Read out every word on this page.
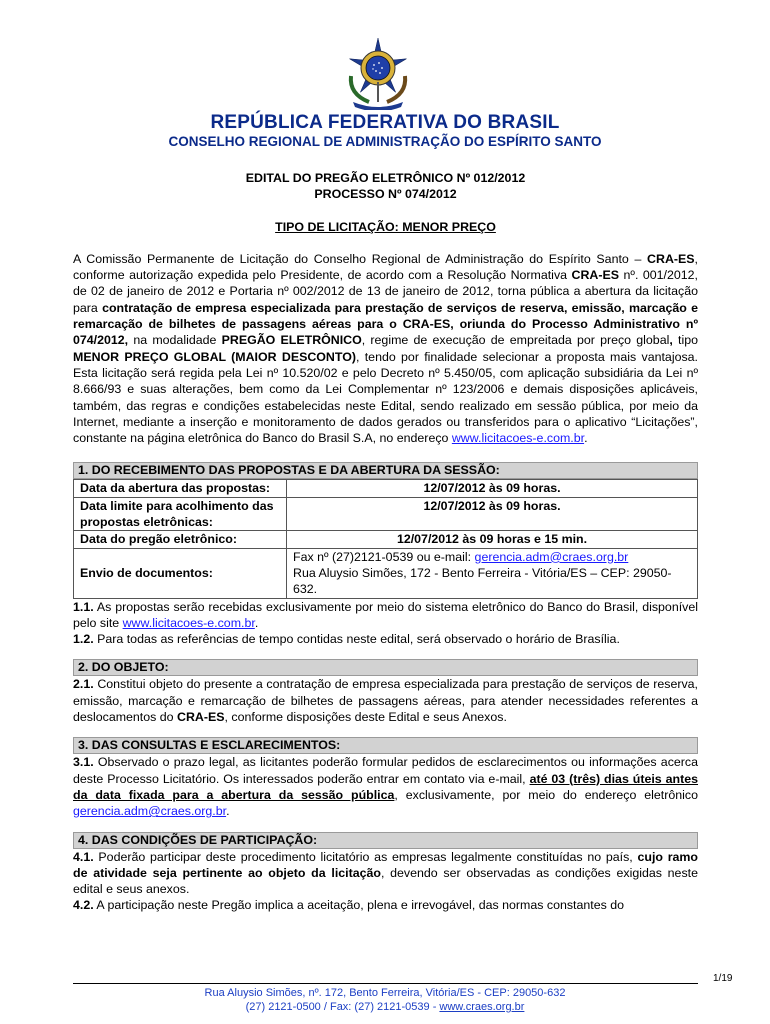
REPÚBLICA FEDERATIVA DO BRASIL
CONSELHO REGIONAL DE ADMINISTRAÇÃO DO ESPÍRITO SANTO
EDITAL DO PREGÃO ELETRÔNICO Nº 012/2012
PROCESSO Nº 074/2012
TIPO DE LICITAÇÃO: MENOR PREÇO

A Comissão Permanente de Licitação do Conselho Regional de Administração do Espírito Santo – CRA-ES, conforme autorização expedida pelo Presidente, de acordo com a Resolução Normativa CRA-ES nº. 001/2012, de 02 de janeiro de 2012 e Portaria nº 002/2012 de 13 de janeiro de 2012, torna pública a abertura da licitação para contratação de empresa especializada para prestação de serviços de reserva, emissão, marcação e remarcação de bilhetes de passagens aéreas para o CRA-ES, oriunda do Processo Administrativo nº 074/2012, na modalidade PREGÃO ELETRÔNICO, regime de execução de empreitada por preço global, tipo MENOR PREÇO GLOBAL (MAIOR DESCONTO), tendo por finalidade selecionar a proposta mais vantajosa. Esta licitação será regida pela Lei nº 10.520/02 e pelo Decreto nº 5.450/05, com aplicação subsidiária da Lei nº 8.666/93 e suas alterações, bem como da Lei Complementar nº 123/2006 e demais disposições aplicáveis, também, das regras e condições estabelecidas neste Edital, sendo realizado em sessão pública, por meio da Internet, mediante a inserção e monitoramento de dados gerados ou transferidos para o aplicativo “Licitações”, constante na página eletrônica do Banco do Brasil S.A, no endereço www.licitacoes-e.com.br.

1. DO RECEBIMENTO DAS PROPOSTAS E DA ABERTURA DA SESSÃO:
Data da abertura das propostas:	12/07/2012 às 09 horas.
Data limite para acolhimento das propostas eletrônicas:	12/07/2012 às 09 horas.
Data do pregão eletrônico:	12/07/2012 às 09 horas e 15 min.
Envio de documentos:	Fax nº (27)2121-0539 ou e-mail: gerencia.adm@craes.org.br
Rua Aluysio Simões, 172 - Bento Ferreira - Vitória/ES – CEP: 29050-632.

1.1. As propostas serão recebidas exclusivamente por meio do sistema eletrônico do Banco do Brasil, disponível pelo site www.licitacoes-e.com.br.

1.2. Para todas as referências de tempo contidas neste edital, será observado o horário de Brasília.

2. DO OBJETO:

2.1. Constitui objeto do presente a contratação de empresa especializada para prestação de serviços de reserva, emissão, marcação e remarcação de bilhetes de passagens aéreas, para atender necessidades referentes a deslocamentos do CRA-ES, conforme disposições deste Edital e seus Anexos.

3. DAS CONSULTAS E ESCLARECIMENTOS:

3.1. Observado o prazo legal, as licitantes poderão formular pedidos de esclarecimentos ou informações acerca deste Processo Licitatório. Os interessados poderão entrar em contato via e-mail, até 03 (três) dias úteis antes da data fixada para a abertura da sessão pública, exclusivamente, por meio do endereço eletrônico gerencia.adm@craes.org.br.

4. DAS CONDIÇÕES DE PARTICIPAÇÃO:

4.1. Poderão participar deste procedimento licitatório as empresas legalmente constituídas no país, cujo ramo de atividade seja pertinente ao objeto da licitação, devendo ser observadas as condições exigidas neste edital e seus anexos.

4.2. A participação neste Pregão implica a aceitação, plena e irrevogável, das normas constantes do

1/19
Rua Aluysio Simões, nº. 172, Bento Ferreira, Vitória/ES - CEP: 29050-632
(27) 2121-0500 / Fax: (27) 2121-0539 - www.craes.org.br
